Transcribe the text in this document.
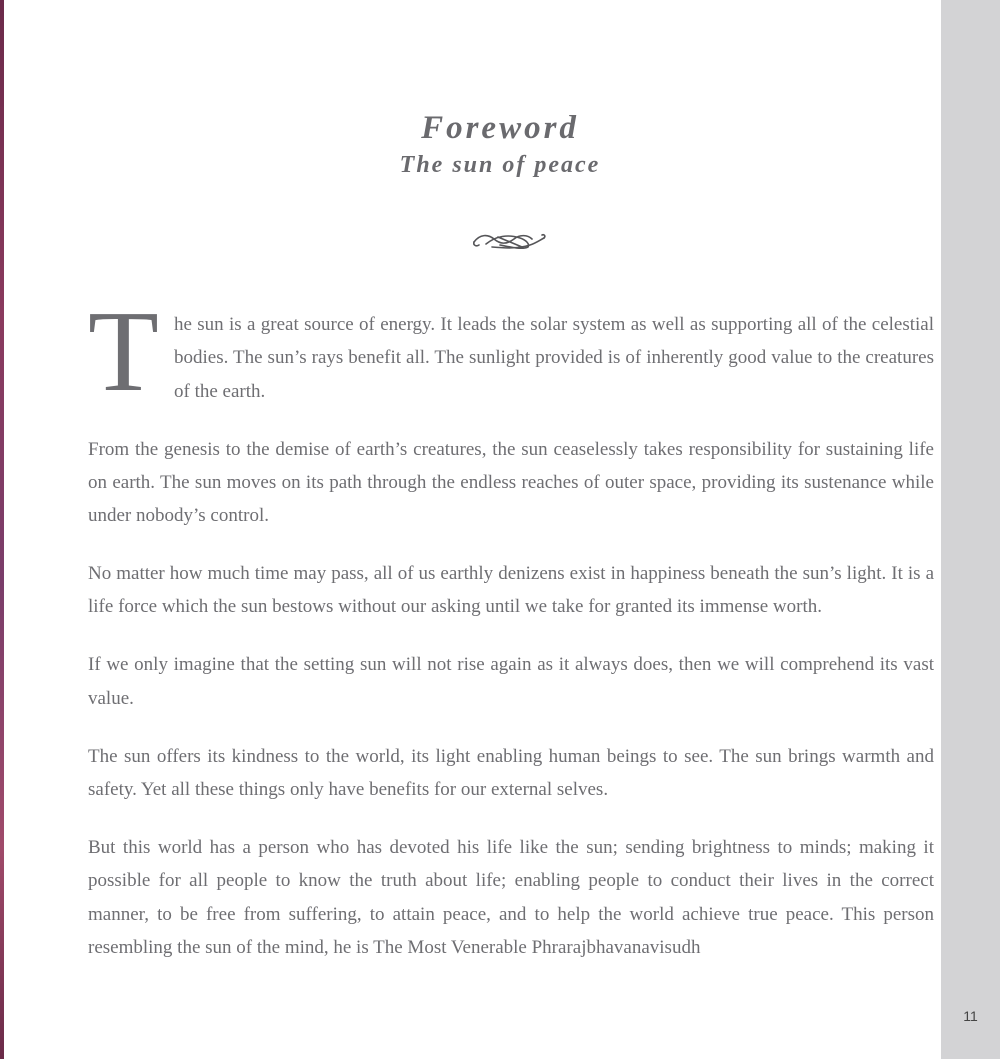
Foreword
The sun of peace

T he sun is a great source of energy. It leads the solar system as well as supporting all of the celestial bodies. The sun’s rays benefit all. The sunlight provided is of inherently good value to the creatures of the earth.

From the genesis to the demise of earth’s creatures, the sun ceaselessly takes responsibility for sustaining life on earth. The sun moves on its path through the endless reaches of outer space, providing its sustenance while under nobody’s control.

No matter how much time may pass, all of us earthly denizens exist in happiness beneath the sun’s light. It is a life force which the sun bestows without our asking until we take for granted its immense worth.

If we only imagine that the setting sun will not rise again as it always does, then we will comprehend its vast value.

The sun offers its kindness to the world, its light enabling human beings to see. The sun brings warmth and safety. Yet all these things only have benefits for our external selves.

But this world has a person who has devoted his life like the sun; sending brightness to minds; making it possible for all people to know the truth about life; enabling people to conduct their lives in the correct manner, to be free from suffering, to attain peace, and to help the world achieve true peace. This person resembling the sun of the mind, he is The Most Venerable Phrarajbhavanavisudh

11
